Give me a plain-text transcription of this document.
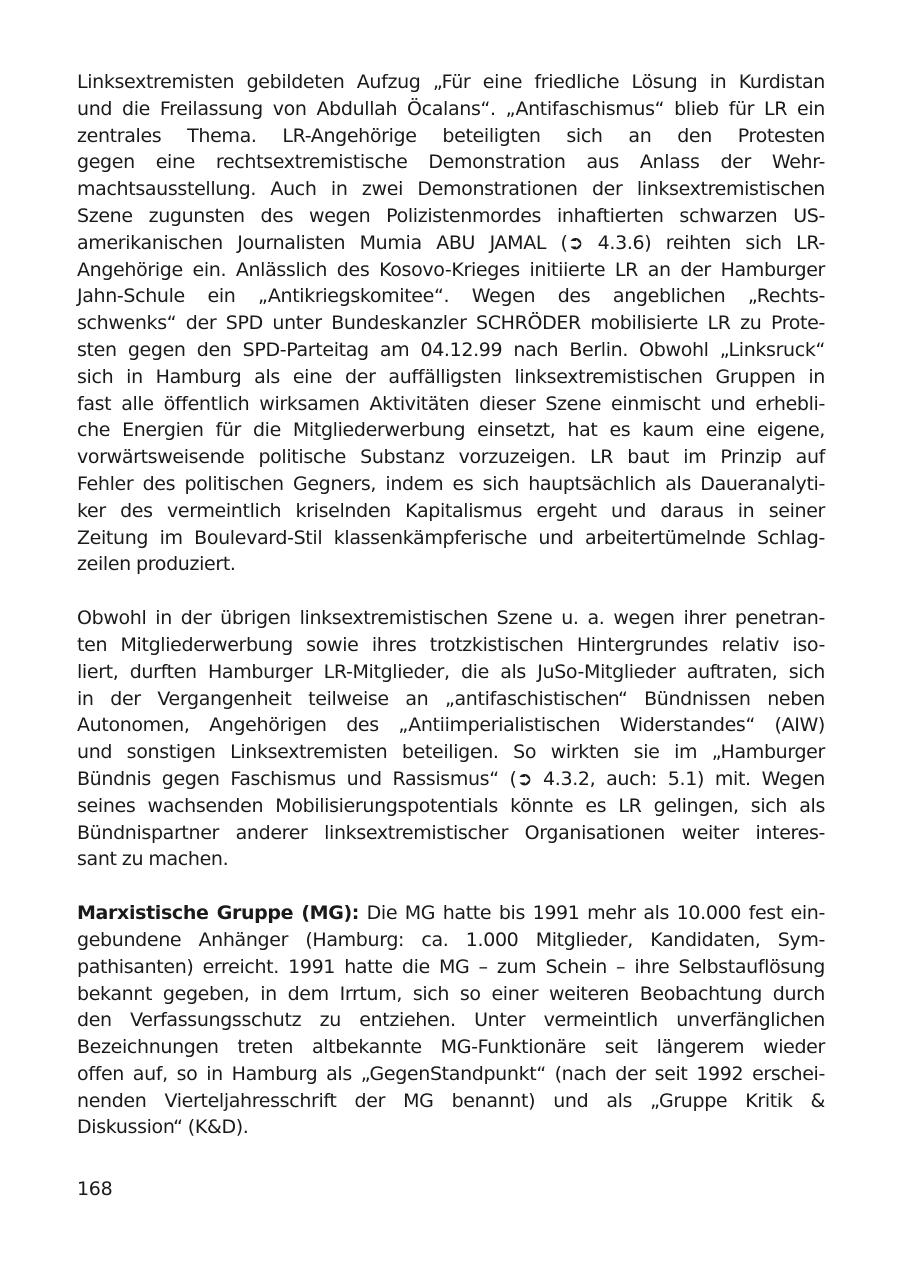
Linksextremisten gebildeten Aufzug „Für eine friedliche Lösung in Kurdistan
und die Freilassung von Abdullah Öcalans“. „Antifaschismus“ blieb für LR ein
zentrales Thema. LR-Angehörige beteiligten sich an den Protesten
gegen eine rechtsextremistische Demonstration aus Anlass der Wehr-
machtsausstellung. Auch in zwei Demonstrationen der linksextremistischen
Szene zugunsten des wegen Polizistenmordes inhaftierten schwarzen US-
amerikanischen Journalisten Mumia ABU JAMAL (➲ 4.3.6) reihten sich LR-
Angehörige ein. Anlässlich des Kosovo-Krieges initiierte LR an der Hamburger
Jahn-Schule ein „Antikriegskomitee“. Wegen des angeblichen „Rechts-
schwenks“ der SPD unter Bundeskanzler SCHRÖDER mobilisierte LR zu Prote-
sten gegen den SPD-Parteitag am 04.12.99 nach Berlin. Obwohl „Linksruck“
sich in Hamburg als eine der auffälligsten linksextremistischen Gruppen in
fast alle öffentlich wirksamen Aktivitäten dieser Szene einmischt und erhebli-
che Energien für die Mitgliederwerbung einsetzt, hat es kaum eine eigene,
vorwärtsweisende politische Substanz vorzuzeigen. LR baut im Prinzip auf
Fehler des politischen Gegners, indem es sich hauptsächlich als Daueranalyti-
ker des vermeintlich kriselnden Kapitalismus ergeht und daraus in seiner
Zeitung im Boulevard-Stil klassenkämpferische und arbeitertümelnde Schlag-
zeilen produziert.

Obwohl in der übrigen linksextremistischen Szene u. a. wegen ihrer penetran-
ten Mitgliederwerbung sowie ihres trotzkistischen Hintergrundes relativ iso-
liert, durften Hamburger LR-Mitglieder, die als JuSo-Mitglieder auftraten, sich
in der Vergangenheit teilweise an „antifaschistischen“ Bündnissen neben
Autonomen, Angehörigen des „Antiimperialistischen Widerstandes“ (AIW)
und sonstigen Linksextremisten beteiligen. So wirkten sie im „Hamburger
Bündnis gegen Faschismus und Rassismus“ (➲ 4.3.2, auch: 5.1) mit. Wegen
seines wachsenden Mobilisierungspotentials könnte es LR gelingen, sich als
Bündnispartner anderer linksextremistischer Organisationen weiter interes-
sant zu machen.

Marxistische Gruppe (MG): Die MG hatte bis 1991 mehr als 10.000 fest ein-
gebundene Anhänger (Hamburg: ca. 1.000 Mitglieder, Kandidaten, Sym-
pathisanten) erreicht. 1991 hatte die MG – zum Schein – ihre Selbstauflösung
bekannt gegeben, in dem Irrtum, sich so einer weiteren Beobachtung durch
den Verfassungsschutz zu entziehen. Unter vermeintlich unverfänglichen
Bezeichnungen treten altbekannte MG-Funktionäre seit längerem wieder
offen auf, so in Hamburg als „GegenStandpunkt“ (nach der seit 1992 erschei-
nenden Vierteljahresschrift der MG benannt) und als „Gruppe Kritik &
Diskussion“ (K&D).

168
